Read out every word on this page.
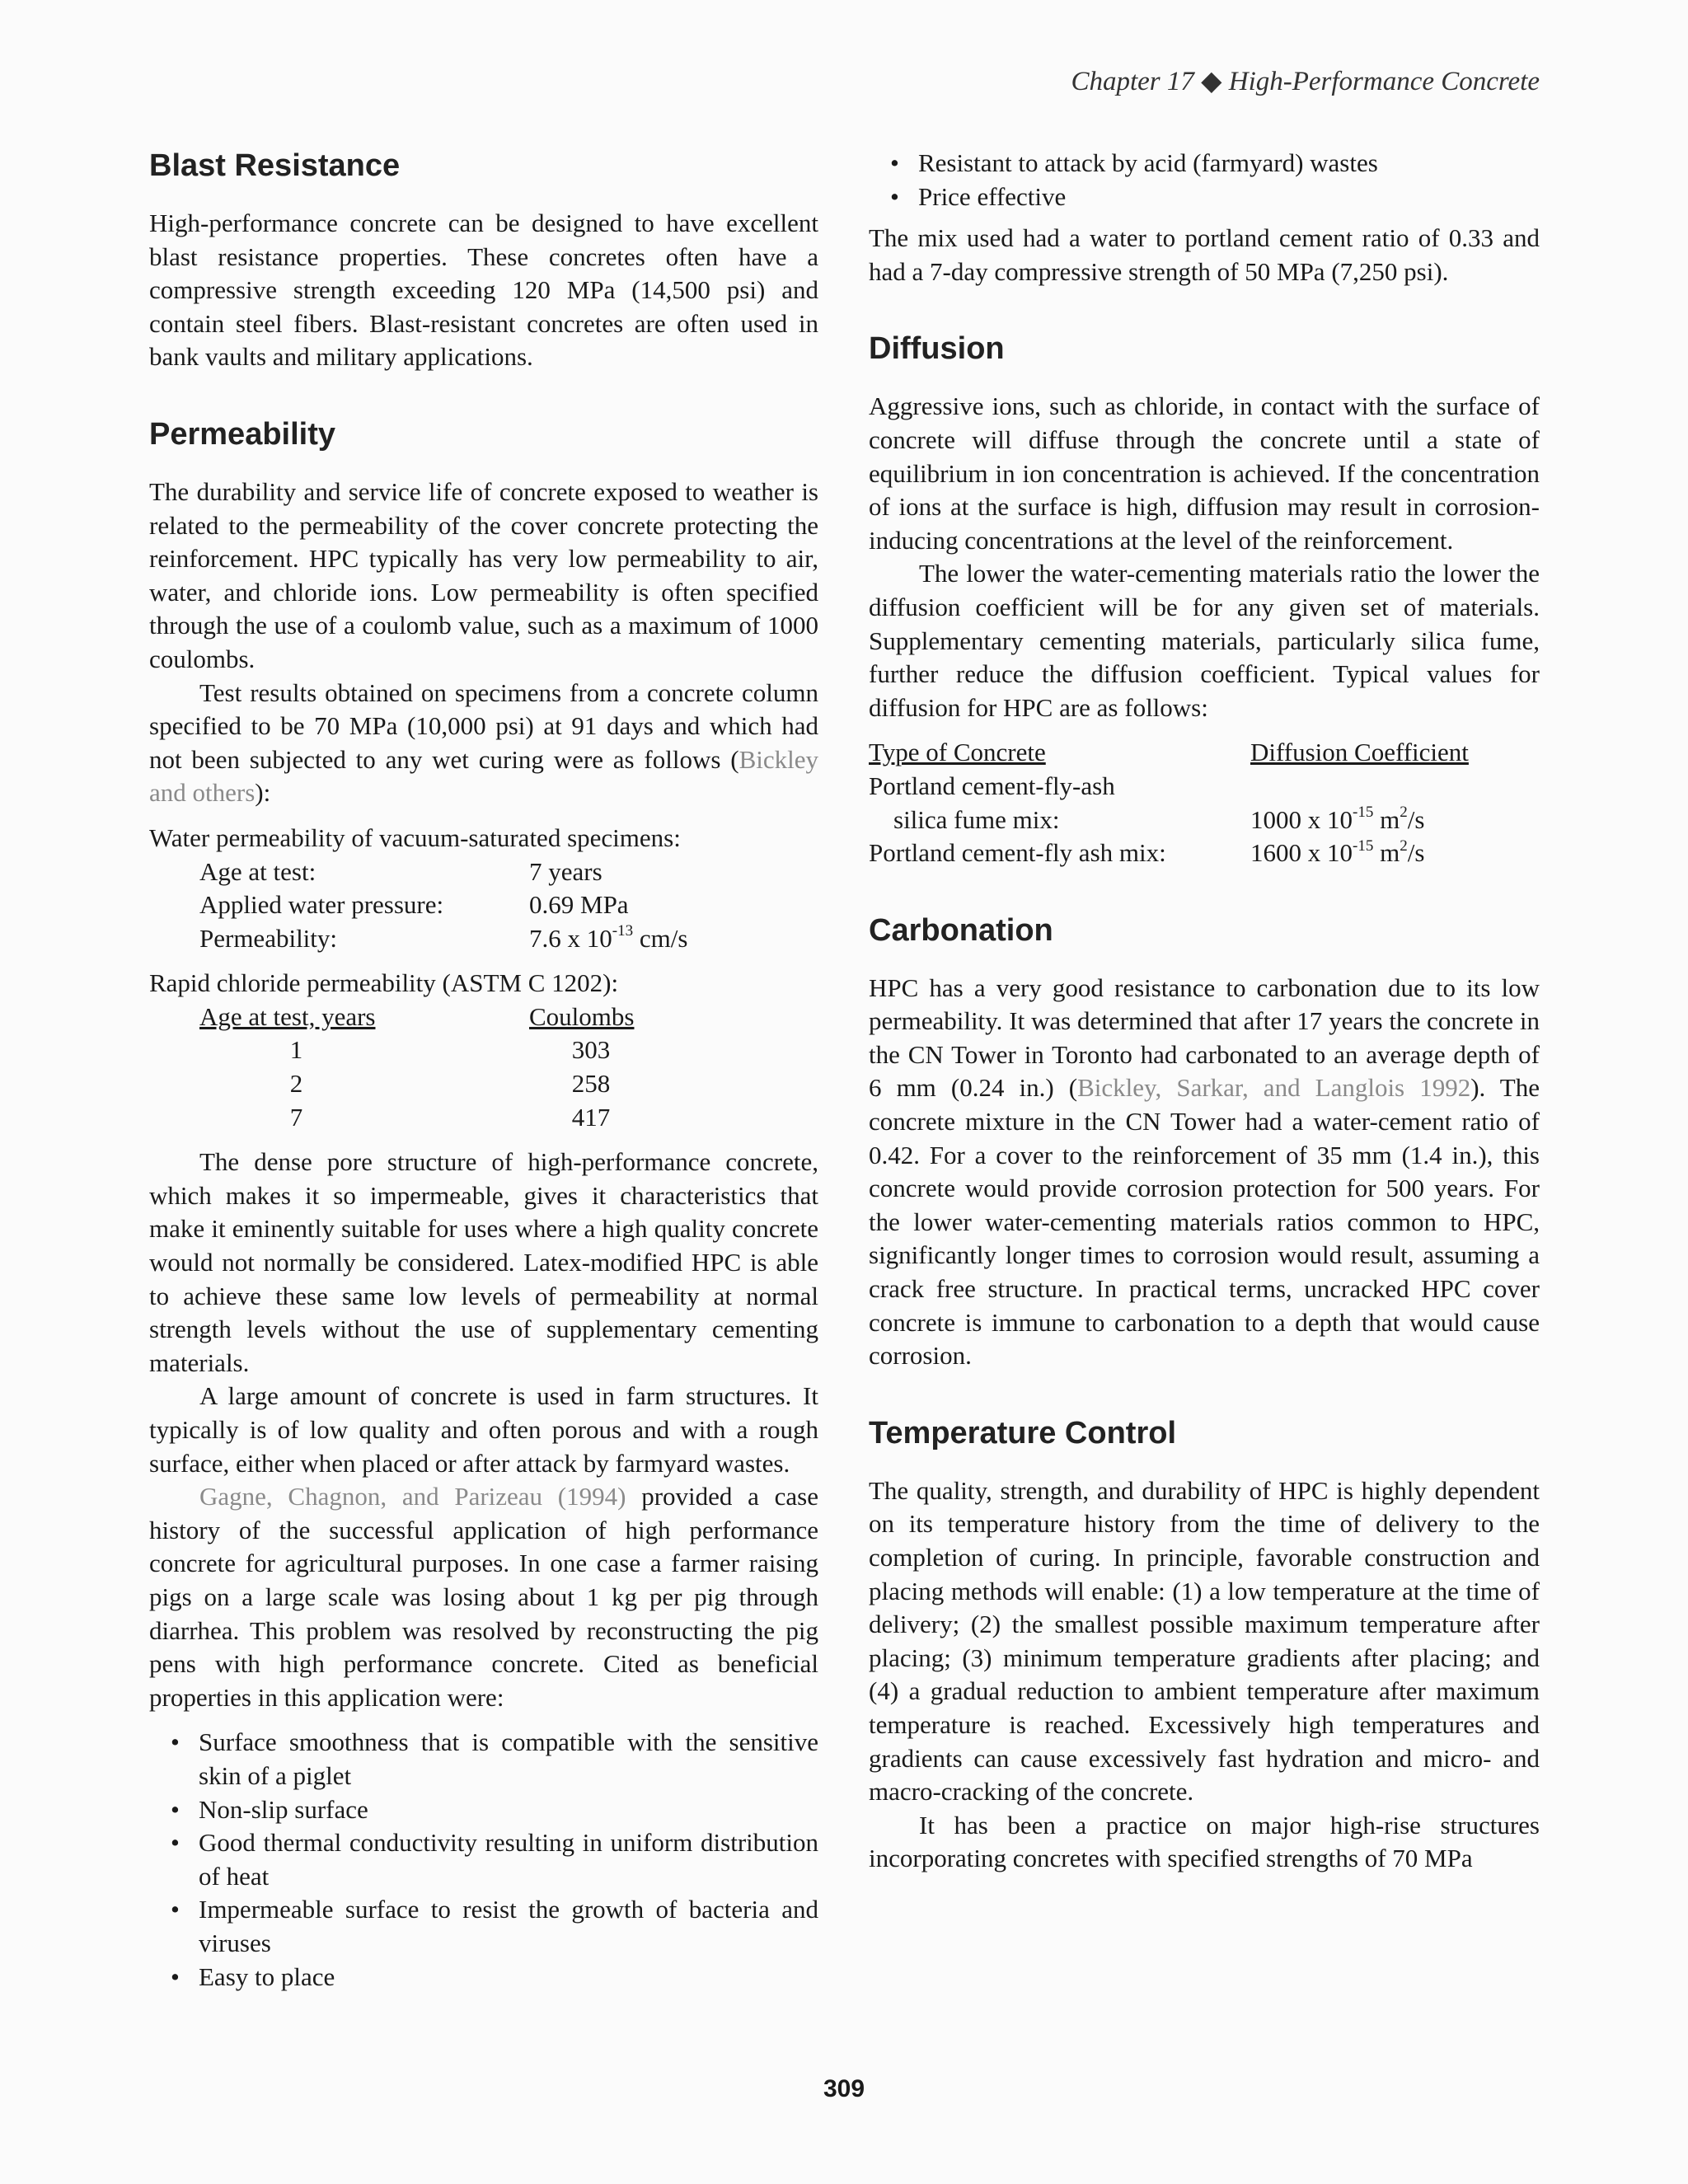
Chapter 17 ◆ High-Performance Concrete
Blast Resistance

High-performance concrete can be designed to have excellent blast resistance properties. These concretes often have a compressive strength exceeding 120 MPa (14,500 psi) and contain steel fibers. Blast-resistant concretes are often used in bank vaults and military applications.

Permeability

The durability and service life of concrete exposed to weather is related to the permeability of the cover concrete protecting the reinforcement. HPC typically has very low permeability to air, water, and chloride ions. Low permeability is often specified through the use of a coulomb value, such as a maximum of 1000 coulombs.

Test results obtained on specimens from a concrete column specified to be 70 MPa (10,000 psi) at 91 days and which had not been subjected to any wet curing were as follows (Bickley and others):

Water permeability of vacuum-saturated specimens:
Age at test:	7 years
Applied water pressure:	0.69 MPa
Permeability:	7.6 x $10^{-13}$ cm/s
Rapid chloride permeability (ASTM C 1202):
Age at test, years	Coulombs
1	303
2	258
7	417

The dense pore structure of high-performance concrete, which makes it so impermeable, gives it characteristics that make it eminently suitable for uses where a high quality concrete would not normally be considered. Latex-modified HPC is able to achieve these same low levels of permeability at normal strength levels without the use of supplementary cementing materials.

A large amount of concrete is used in farm structures. It typically is of low quality and often porous and with a rough surface, either when placed or after attack by farmyard wastes.

Gagne, Chagnon, and Parizeau (1994) provided a case history of the successful application of high performance concrete for agricultural purposes. In one case a farmer raising pigs on a large scale was losing about 1 kg per pig through diarrhea. This problem was resolved by reconstructing the pig pens with high performance concrete. Cited as beneficial properties in this application were:

• Surface smoothness that is compatible with the sensitive skin of a piglet
• Non-slip surface
• Good thermal conductivity resulting in uniform distribution of heat
• Impermeable surface to resist the growth of bacteria and viruses
• Easy to place
• Resistant to attack by acid (farmyard) wastes
• Price effective

The mix used had a water to portland cement ratio of 0.33 and had a 7-day compressive strength of 50 MPa (7,250 psi).

Diffusion

Aggressive ions, such as chloride, in contact with the surface of concrete will diffuse through the concrete until a state of equilibrium in ion concentration is achieved. If the concentration of ions at the surface is high, diffusion may result in corrosion-inducing concentrations at the level of the reinforcement.

The lower the water-cementing materials ratio the lower the diffusion coefficient will be for any given set of materials. Supplementary cementing materials, particularly silica fume, further reduce the diffusion coefficient. Typical values for diffusion for HPC are as follows:

Type of Concrete	Diffusion Coefficient
Portland cement-fly-ash
silica fume mix:	1000 x $10^{-15}$ $m^2/s$
Portland cement-fly ash mix:	1600 x $10^{-15}$ $m^2/s$
Carbonation

HPC has a very good resistance to carbonation due to its low permeability. It was determined that after 17 years the concrete in the CN Tower in Toronto had carbonated to an average depth of 6 mm (0.24 in.) (Bickley, Sarkar, and Langlois 1992). The concrete mixture in the CN Tower had a water-cement ratio of 0.42. For a cover to the reinforcement of 35 mm (1.4 in.), this concrete would provide corrosion protection for 500 years. For the lower water-cementing materials ratios common to HPC, significantly longer times to corrosion would result, assuming a crack free structure. In practical terms, uncracked HPC cover concrete is immune to carbonation to a depth that would cause corrosion.

Temperature Control

The quality, strength, and durability of HPC is highly dependent on its temperature history from the time of delivery to the completion of curing. In principle, favorable construction and placing methods will enable: (1) a low temperature at the time of delivery; (2) the smallest possible maximum temperature after placing; (3) minimum temperature gradients after placing; and (4) a gradual reduction to ambient temperature after maximum temperature is reached. Excessively high temperatures and gradients can cause excessively fast hydration and micro- and macro-cracking of the concrete.

It has been a practice on major high-rise structures incorporating concretes with specified strengths of 70 MPa

309
